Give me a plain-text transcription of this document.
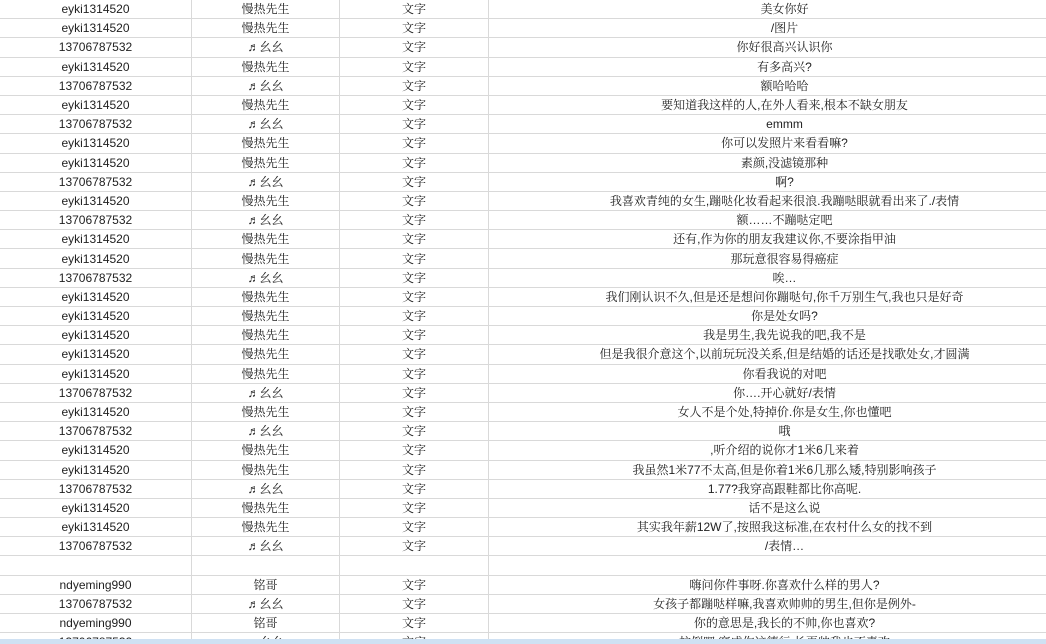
eyki1314520	慢热先生	文字	美女你好
eyki1314520	慢热先生	文字	/图片
13706787532	♬幺幺	文字	你好很高兴认识你
eyki1314520	慢热先生	文字	有多高兴?
13706787532	♬幺幺	文字	额哈哈哈
eyki1314520	慢热先生	文字	要知道我这样的人,在外人看来,根本不缺女朋友
13706787532	♬幺幺	文字	emmm
eyki1314520	慢热先生	文字	你可以发照片来看看嘛?
eyki1314520	慢热先生	文字	素颜,没滤镜那种
13706787532	♬幺幺	文字	啊?
eyki1314520	慢热先生	文字	我喜欢青纯的女生,蹦哒化妆看起来很浪.我蹦哒眼就看出来了./表情
13706787532	♬幺幺	文字	额……不蹦哒定吧
eyki1314520	慢热先生	文字	还有,作为你的朋友我建议你,不要涂指甲油
eyki1314520	慢热先生	文字	那玩意很容易得癌症
13706787532	♬幺幺	文字	唉…
eyki1314520	慢热先生	文字	我们刚认识不久,但是还是想问你蹦哒句,你千万别生气,我也只是好奇
eyki1314520	慢热先生	文字	你是处女吗?
eyki1314520	慢热先生	文字	我是男生,我先说我的吧,我不是
eyki1314520	慢热先生	文字	但是我很介意这个,以前玩玩没关系,但是结婚的话还是找歌处女,才圆满
eyki1314520	慢热先生	文字	你看我说的对吧
13706787532	♬幺幺	文字	你….开心就好/表情
eyki1314520	慢热先生	文字	女人不是个处,特掉价.你是女生,你也懂吧
13706787532	♬幺幺	文字	哦
eyki1314520	慢热先生	文字	,听介绍的说你才1米6几来着
eyki1314520	慢热先生	文字	我虽然1米77不太高,但是你着1米6几那么矮,特别影响孩子
13706787532	♬幺幺	文字	1.77?我穿高跟鞋都比你高呢.
eyki1314520	慢热先生	文字	话不是这么说
eyki1314520	慢热先生	文字	其实我年薪12W了,按照我这标准,在农村什么女的找不到
13706787532	♬幺幺	文字	/表情…
ndyeming990	铭哥	文字	嗨问你件事呀.你喜欢什么样的男人?
13706787532	♬幺幺	文字	女孩子都蹦哒样嘛,我喜欢帅帅的男生,但你是例外-
ndyeming990	铭哥	文字	你的意思是,我长的不帅,你也喜欢?
